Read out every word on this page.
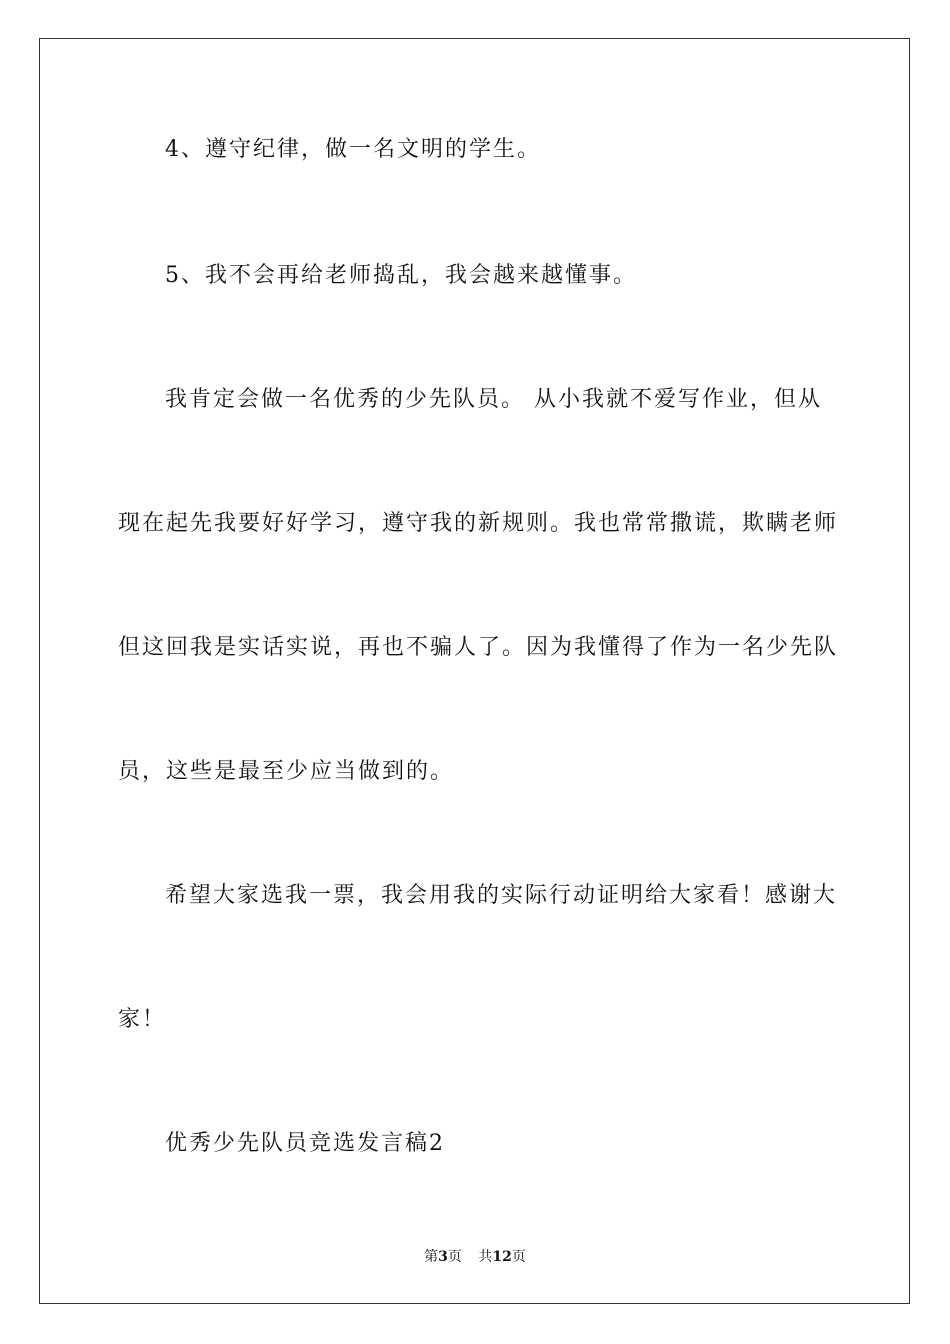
4、遵守纪律，做一名文明的学生。
5、我不会再给老师捣乱，我会越来越懂事。
我肯定会做一名优秀的少先队员。 从小我就不爱写作业，但从
现在起先我要好好学习，遵守我的新规则。我也常常撒谎，欺瞒老师
但这回我是实话实说，再也不骗人了。因为我懂得了作为一名少先队
员，这些是最至少应当做到的。
希望大家选我一票，我会用我的实际行动证明给大家看！感谢大
家！
优秀少先队员竞选发言稿2
第3页 共12页
